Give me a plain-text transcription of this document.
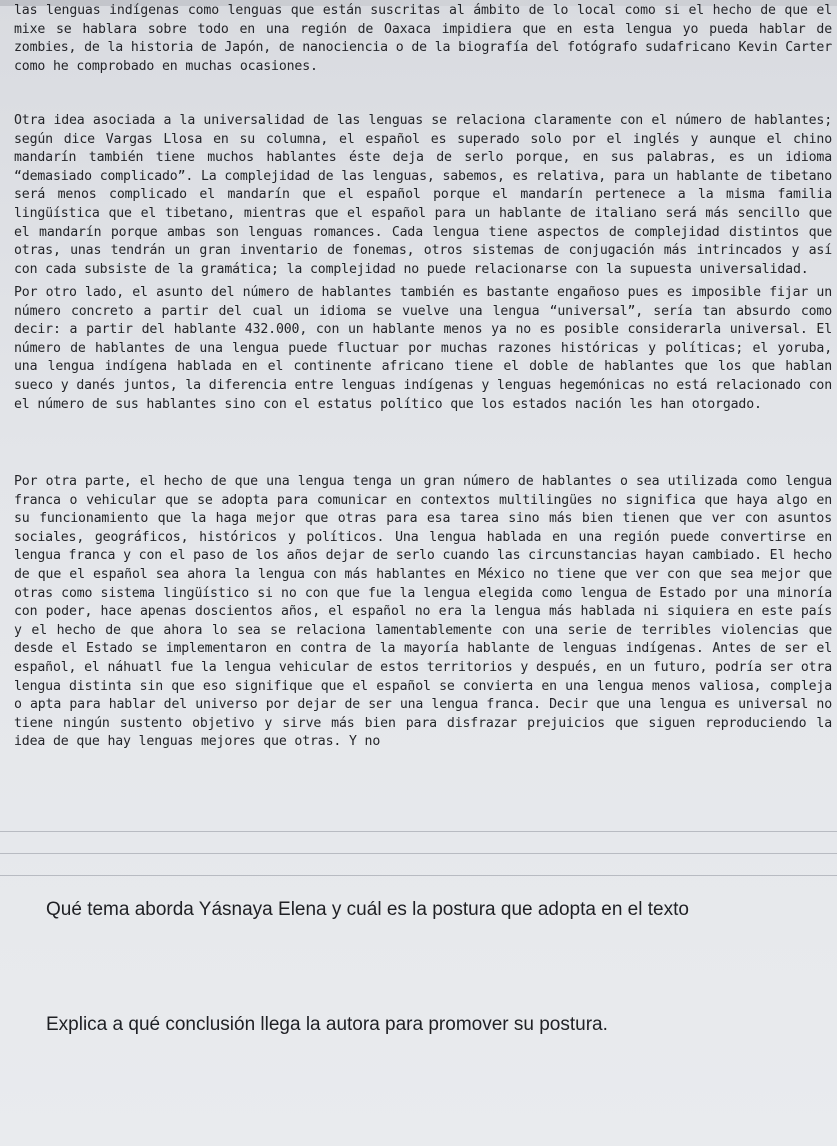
las lenguas indígenas como lenguas que están suscritas al ámbito de lo local como si el hecho de que el mixe se hablara sobre todo en una región de Oaxaca impidiera que en esta lengua yo pueda hablar de zombies, de la historia de Japón, de nanociencia o de la biografía del fotógrafo sudafricano Kevin Carter como he comprobado en muchas ocasiones.

Otra idea asociada a la universalidad de las lenguas se relaciona claramente con el número de hablantes; según dice Vargas Llosa en su columna, el español es superado solo por el inglés y aunque el chino mandarín también tiene muchos hablantes éste deja de serlo porque, en sus palabras, es un idioma “demasiado complicado”. La complejidad de las lenguas, sabemos, es relativa, para un hablante de tibetano será menos complicado el mandarín que el español porque el mandarín pertenece a la misma familia lingüística que el tibetano, mientras que el español para un hablante de italiano será más sencillo que el mandarín porque ambas son lenguas romances. Cada lengua tiene aspectos de complejidad distintos que otras, unas tendrán un gran inventario de fonemas, otros sistemas de conjugación más intrincados y así con cada subsiste de la gramática; la complejidad no puede relacionarse con la supuesta universalidad.

Por otro lado, el asunto del número de hablantes también es bastante engañoso pues es imposible fijar un número concreto a partir del cual un idioma se vuelve una lengua “universal”, sería tan absurdo como decir: a partir del hablante 432.000, con un hablante menos ya no es posible considerarla universal. El número de hablantes de una lengua puede fluctuar por muchas razones históricas y políticas; el yoruba, una lengua indígena hablada en el continente africano tiene el doble de hablantes que los que hablan sueco y danés juntos, la diferencia entre lenguas indígenas y lenguas hegemónicas no está relacionado con el número de sus hablantes sino con el estatus político que los estados nación les han otorgado.

Por otra parte, el hecho de que una lengua tenga un gran número de hablantes o sea utilizada como lengua franca o vehicular que se adopta para comunicar en contextos multilingües no significa que haya algo en su funcionamiento que la haga mejor que otras para esa tarea sino más bien tienen que ver con asuntos sociales, geográficos, históricos y políticos. Una lengua hablada en una región puede convertirse en lengua franca y con el paso de los años dejar de serlo cuando las circunstancias hayan cambiado. El hecho de que el español sea ahora la lengua con más hablantes en México no tiene que ver con que sea mejor que otras como sistema lingüístico si no con que fue la lengua elegida como lengua de Estado por una minoría con poder, hace apenas doscientos años, el español no era la lengua más hablada ni siquiera en este país y el hecho de que ahora lo sea se relaciona lamentablemente con una serie de terribles violencias que desde el Estado se implementaron en contra de la mayoría hablante de lenguas indígenas. Antes de ser el español, el náhuatl fue la lengua vehicular de estos territorios y después, en un futuro, podría ser otra lengua distinta sin que eso signifique que el español se convierta en una lengua menos valiosa, compleja o apta para hablar del universo por dejar de ser una lengua franca. Decir que una lengua es universal no tiene ningún sustento objetivo y sirve más bien para disfrazar prejuicios que siguen reproduciendo la idea de que hay lenguas mejores que otras. Y no

Qué tema aborda Yásnaya Elena y cuál es la postura que adopta en el texto

Explica a qué conclusión llega la autora para promover su postura.
